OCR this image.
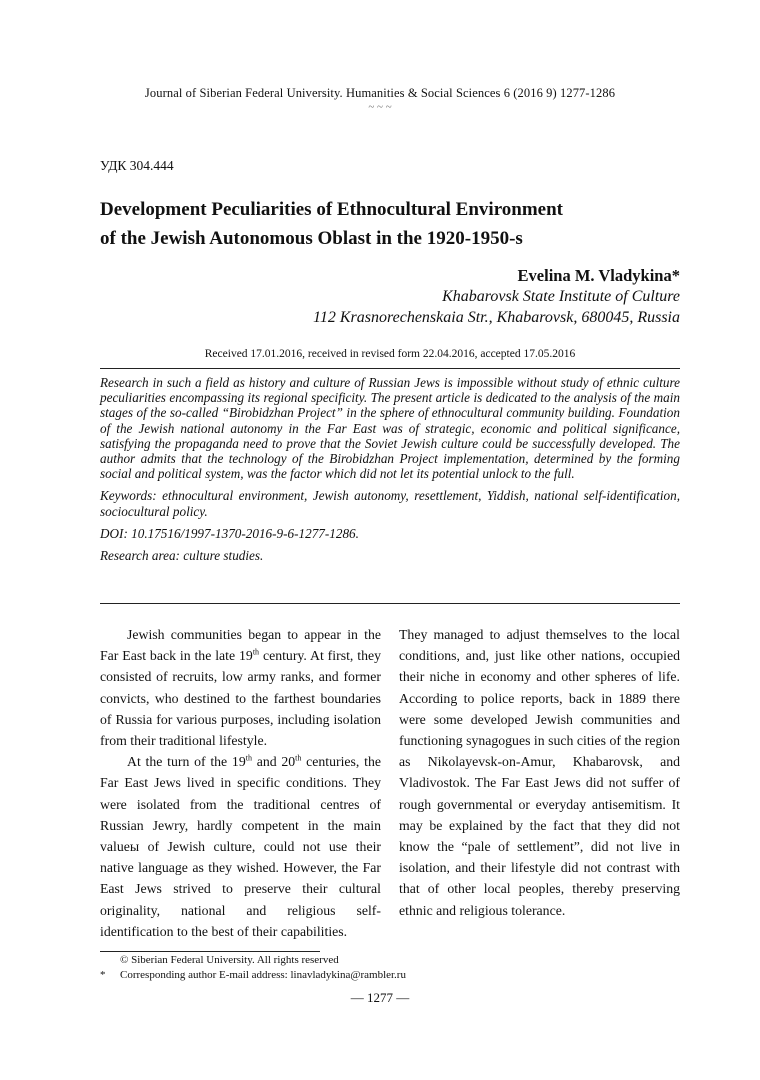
Journal of Siberian Federal University. Humanities & Social Sciences 6 (2016 9) 1277-1286
~ ~ ~
УДК 304.444
Development Peculiarities of Ethnocultural Environment
of the Jewish Autonomous Oblast in the 1920-1950-s
Evelina M. Vladykina*
Khabarovsk State Institute of Culture
112 Krasnorechenskaia Str., Khabarovsk, 680045, Russia
Received 17.01.2016, received in revised form 22.04.2016, accepted 17.05.2016

Research in such a field as history and culture of Russian Jews is impossible without study of ethnic culture peculiarities encompassing its regional specificity. The present article is dedicated to the analysis of the main stages of the so-called “Birobidzhan Project” in the sphere of ethnocultural community building. Foundation of the Jewish national autonomy in the Far East was of strategic, economic and political significance, satisfying the propaganda need to prove that the Soviet Jewish culture could be successfully developed. The author admits that the technology of the Birobidzhan Project implementation, determined by the forming social and political system, was the factor which did not let its potential unlock to the full.

Keywords: ethnocultural environment, Jewish autonomy, resettlement, Yiddish, national self-identification, sociocultural policy.

DOI: 10.17516/1997-1370-2016-9-6-1277-1286.

Research area: culture studies.

Jewish communities began to appear in the Far East back in the late 19th century. At first, they consisted of recruits, low army ranks, and former convicts, who destined to the farthest boundaries of Russia for various purposes, including isolation from their traditional lifestyle.

At the turn of the 19th and 20th centuries, the Far East Jews lived in specific conditions. They were isolated from the traditional centres of Russian Jewry, hardly competent in the main valueы of Jewish culture, could not use their native language as they wished. However, the Far East Jews strived to preserve their cultural originality, national and religious self-identification to the best of their capabilities.

They managed to adjust themselves to the local conditions, and, just like other nations, occupied their niche in economy and other spheres of life. According to police reports, back in 1889 there were some developed Jewish communities and functioning synagogues in such cities of the region as Nikolayevsk-on-Amur, Khabarovsk, and Vladivostok. The Far East Jews did not suffer of rough governmental or everyday antisemitism. It may be explained by the fact that they did not know the “pale of settlement”, did not live in isolation, and their lifestyle did not contrast with that of other local peoples, thereby preserving ethnic and religious tolerance.

© Siberian Federal University. All rights reserved
* Corresponding author E-mail address: linavladykina@rambler.ru
— 1277 —
